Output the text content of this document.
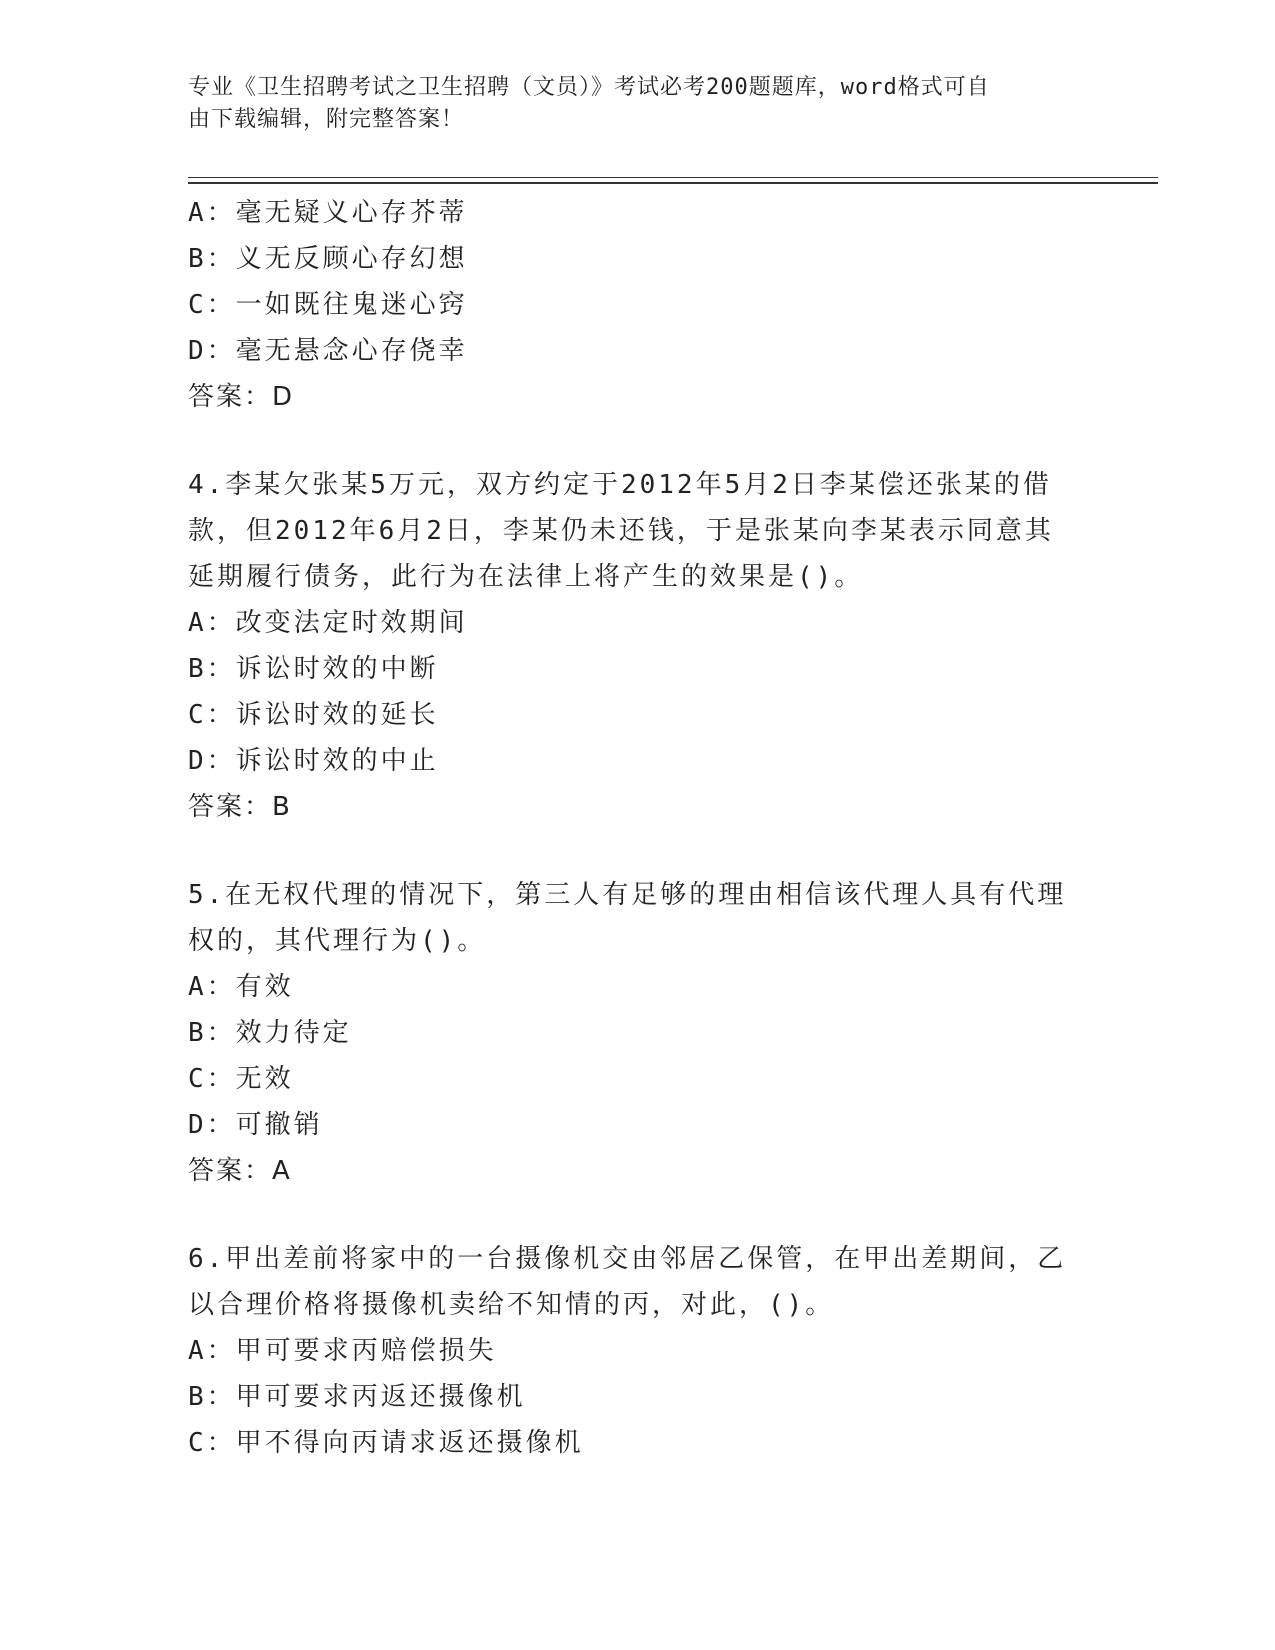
专业《卫生招聘考试之卫生招聘（文员）》考试必考200题题库，word格式可自
由下载编辑，附完整答案！
A：毫无疑义心存芥蒂
B：义无反顾心存幻想
C：一如既往鬼迷心窍
D：毫无悬念心存侥幸
答案：D
4.李某欠张某5万元，双方约定于2012年5月2日李某偿还张某的借
款，但2012年6月2日，李某仍未还钱，于是张某向李某表示同意其
延期履行债务，此行为在法律上将产生的效果是()。
A：改变法定时效期间
B：诉讼时效的中断
C：诉讼时效的延长
D：诉讼时效的中止
答案：B
5.在无权代理的情况下，第三人有足够的理由相信该代理人具有代理
权的，其代理行为()。
A：有效
B：效力待定
C：无效
D：可撤销
答案：A
6.甲出差前将家中的一台摄像机交由邻居乙保管，在甲出差期间，乙
以合理价格将摄像机卖给不知情的丙，对此，()。
A：甲可要求丙赔偿损失
B：甲可要求丙返还摄像机
C：甲不得向丙请求返还摄像机
